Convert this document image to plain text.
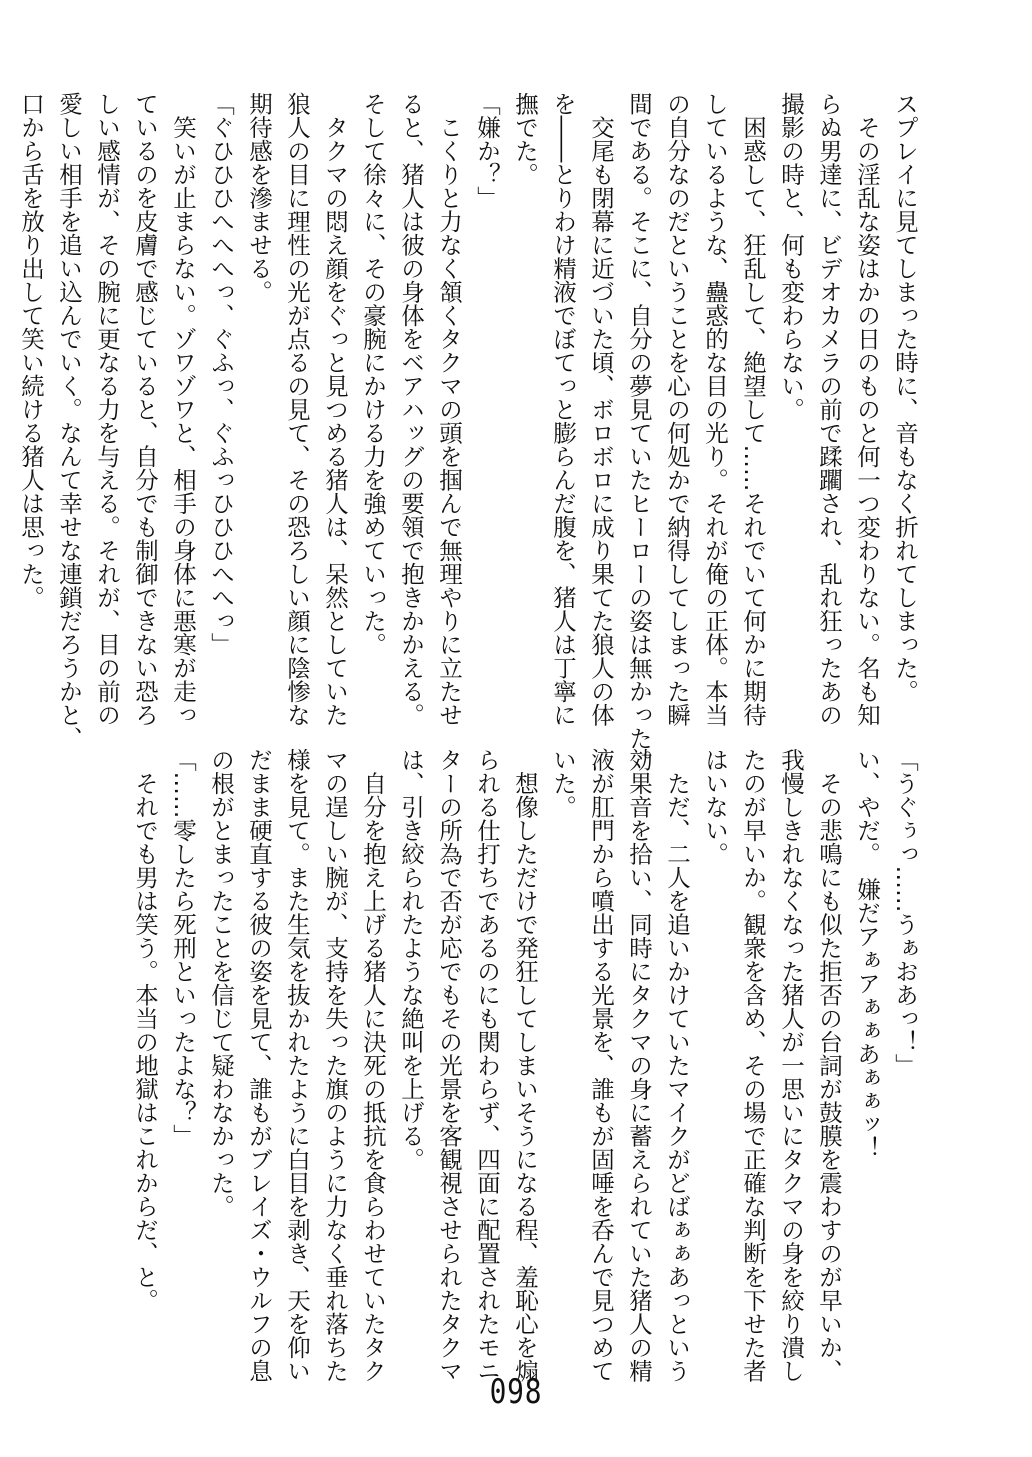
スプレイに見てしまった時に、音もなく折れてしまった。

　その淫乱な姿はかの日のものと何一つ変わりない。名も知

らぬ男達に、ビデオカメラの前で蹂躙され、乱れ狂ったあの

撮影の時と、何も変わらない。

　困惑して、狂乱して、絶望して……それでいて何かに期待

しているような、蠱惑的な目の光り。それが俺の正体。本当

の自分なのだということを心の何処かで納得してしまった瞬

間である。そこに、自分の夢見ていたヒーローの姿は無かった。

　交尾も閉幕に近づいた頃、ボロボロに成り果てた狼人の体

を――とりわけ精液でぼてっと膨らんだ腹を、猪人は丁寧に

撫でた。

「嫌か？」

　こくりと力なく頷くタクマの頭を掴んで無理やりに立たせ

ると、猪人は彼の身体をベアハッグの要領で抱きかかえる。

そして徐々に、その豪腕にかける力を強めていった。

　タクマの悶え顔をぐっと見つめる猪人は、呆然としていた

狼人の目に理性の光が点るの見て、その恐ろしい顔に陰惨な

期待感を滲ませる。

「ぐひひひへへへっ、ぐふっ、ぐふっひひひへへっ」

　笑いが止まらない。ゾワゾワと、相手の身体に悪寒が走っ

ているのを皮膚で感じていると、自分でも制御できない恐ろ

しい感情が、その腕に更なる力を与える。それが、目の前の

愛しい相手を追い込んでいく。なんて幸せな連鎖だろうかと、

口から舌を放り出して笑い続ける猪人は思った。

「うぐぅっ……うぁおあっ！」

い、やだ。　嫌だアぁアぁぁあぁぁッ！

　その悲鳴にも似た拒否の台詞が鼓膜を震わすのが早いか、

我慢しきれなくなった猪人が一思いにタクマの身を絞り潰し

たのが早いか。観衆を含め、その場で正確な判断を下せた者

はいない。

　ただ、二人を追いかけていたマイクがどばぁぁあっという

効果音を拾い、同時にタクマの身に蓄えられていた猪人の精

液が肛門から噴出する光景を、誰もが固唾を呑んで見つめて

いた。

　想像しただけで発狂してしまいそうになる程、羞恥心を煽

られる仕打ちであるのにも関わらず、四面に配置されたモニ

ターの所為で否が応でもその光景を客観視させられたタクマ

は、引き絞られたような絶叫を上げる。

　自分を抱え上げる猪人に決死の抵抗を食らわせていたタク

マの逞しい腕が、支持を失った旗のように力なく垂れ落ちた

様を見て。また生気を抜かれたように白目を剥き、天を仰い

だまま硬直する彼の姿を見て、誰もがブレイズ・ウルフの息

の根がとまったことを信じて疑わなかった。

「……零したら死刑といったよな？」

　それでも男は笑う。本当の地獄はこれからだ、と。

098
